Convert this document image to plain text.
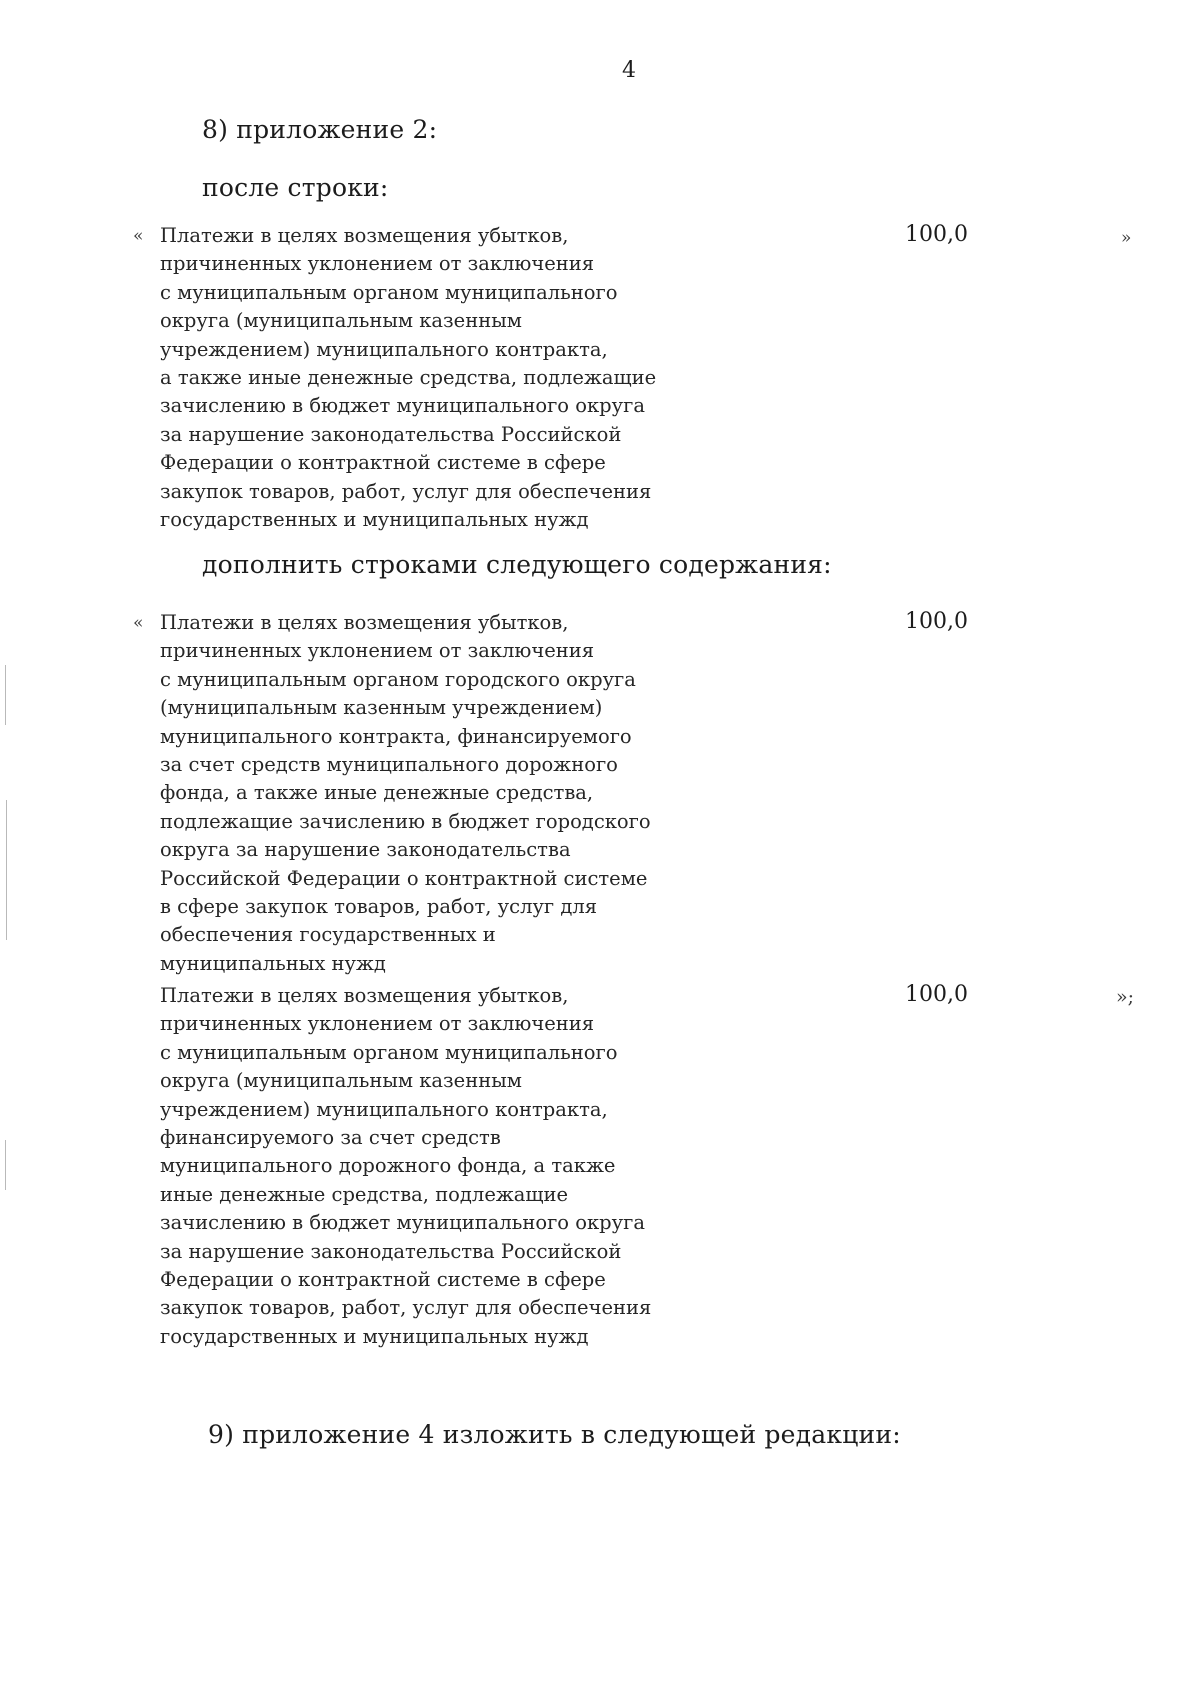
4
8) приложение 2:
после строки:
« Платежи в целях возмещения убытков,
причиненных уклонением от заключения
с муниципальным органом муниципального
округа (муниципальным казенным
учреждением) муниципального контракта,
а также иные денежные средства, подлежащие
зачислению в бюджет муниципального округа
за нарушение законодательства Российской
Федерации о контрактной системе в сфере
закупок товаров, работ, услуг для обеспечения
государственных и муниципальных нужд
100,0	»
дополнить строками следующего содержания:
« Платежи в целях возмещения убытков,
причиненных уклонением от заключения
с муниципальным органом городского округа
(муниципальным казенным учреждением)
муниципального контракта, финансируемого
за счет средств муниципального дорожного
фонда, а также иные денежные средства,
подлежащие зачислению в бюджет городского
округа за нарушение законодательства
Российской Федерации о контрактной системе
в сфере закупок товаров, работ, услуг для
обеспечения государственных и
муниципальных нужд
100,0
Платежи в целях возмещения убытков,
причиненных уклонением от заключения
с муниципальным органом муниципального
округа (муниципальным казенным
учреждением) муниципального контракта,
финансируемого за счет средств
муниципального дорожного фонда, а также
иные денежные средства, подлежащие
зачислению в бюджет муниципального округа
за нарушение законодательства Российской
Федерации о контрактной системе в сфере
закупок товаров, работ, услуг для обеспечения
государственных и муниципальных нужд
100,0	»;
9) приложение 4 изложить в следующей редакции:
